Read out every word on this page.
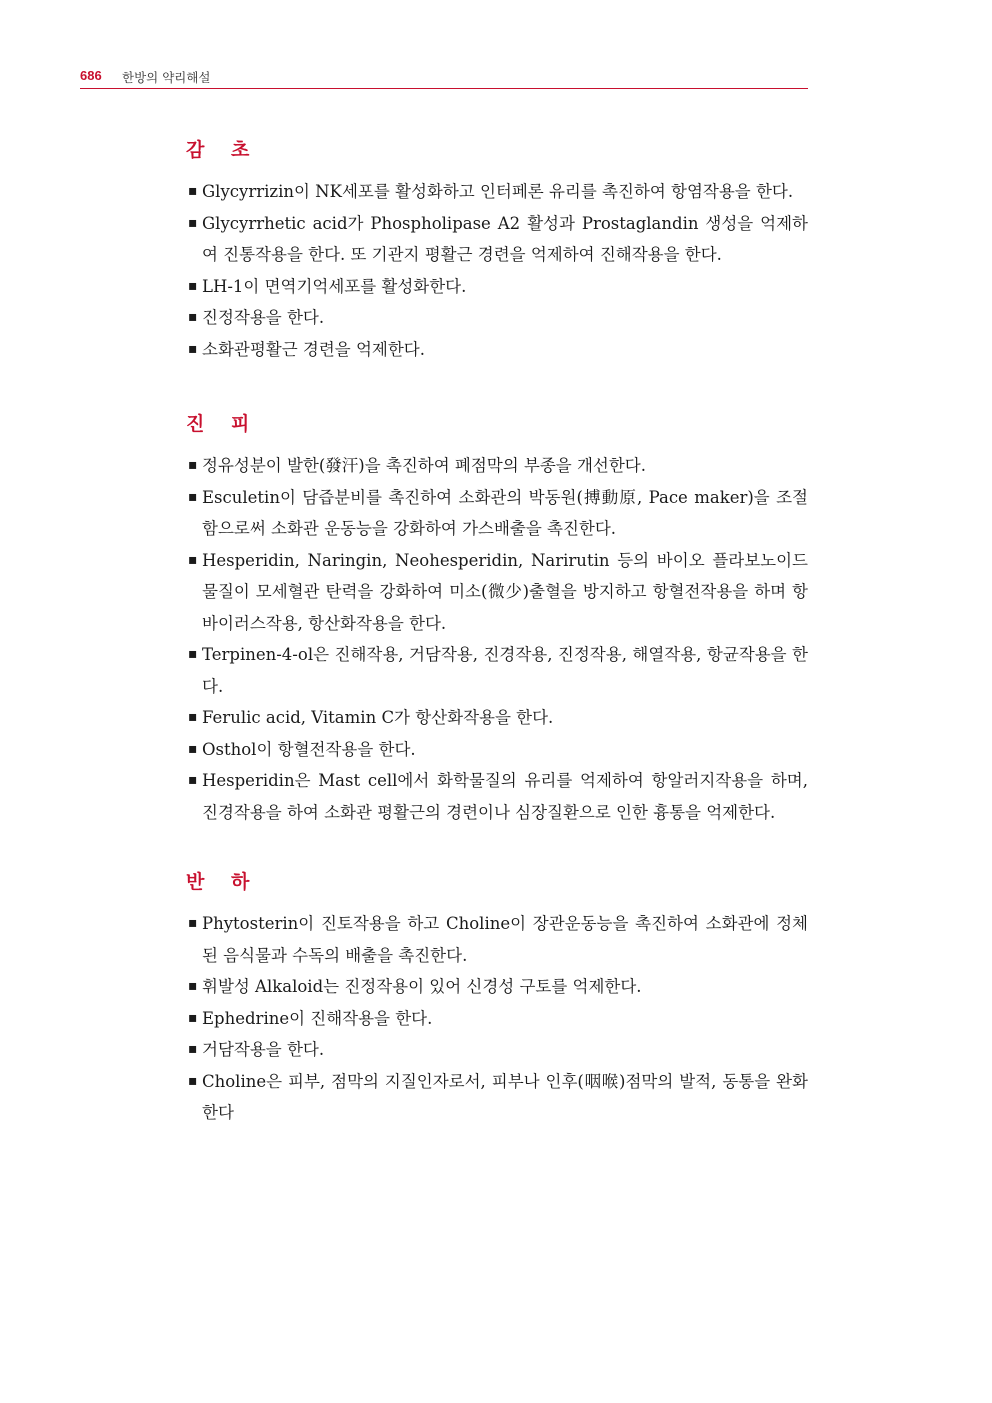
686 한방의 약리해설
감 초
▪ Glycyrrizin이 NK세포를 활성화하고 인터페론 유리를 촉진하여 항염작용을 한다.
▪ Glycyrrhetic acid가 Phospholipase A2 활성과 Prostaglandin 생성을 억제하여 진통작용을 한다. 또 기관지 평활근 경련을 억제하여 진해작용을 한다.
▪ LH-1이 면역기억세포를 활성화한다.
▪ 진정작용을 한다.
▪ 소화관평활근 경련을 억제한다.
진 피
▪ 정유성분이 발한(發汗)을 촉진하여 폐점막의 부종을 개선한다.
▪ Esculetin이 담즙분비를 촉진하여 소화관의 박동원(搏動原, Pace maker)을 조절함으로써 소화관 운동능을 강화하여 가스배출을 촉진한다.
▪ Hesperidin, Naringin, Neohesperidin, Narirutin 등의 바이오 플라보노이드 물질이 모세혈관 탄력을 강화하여 미소(微少)출혈을 방지하고 항혈전작용을 하며 항바이러스작용, 항산화작용을 한다.
▪ Terpinen-4-ol은 진해작용, 거담작용, 진경작용, 진정작용, 해열작용, 항균작용을 한다.
▪ Ferulic acid, Vitamin C가 항산화작용을 한다.
▪ Osthol이 항혈전작용을 한다.
▪ Hesperidin은 Mast cell에서 화학물질의 유리를 억제하여 항알러지작용을 하며, 진경작용을 하여 소화관 평활근의 경련이나 심장질환으로 인한 흉통을 억제한다.
반 하
▪ Phytosterin이 진토작용을 하고 Choline이 장관운동능을 촉진하여 소화관에 정체된 음식물과 수독의 배출을 촉진한다.
▪ 휘발성 Alkaloid는 진정작용이 있어 신경성 구토를 억제한다.
▪ Ephedrine이 진해작용을 한다.
▪ 거담작용을 한다.
▪ Choline은 피부, 점막의 지질인자로서, 피부나 인후(咽喉)점막의 발적, 동통을 완화한다
